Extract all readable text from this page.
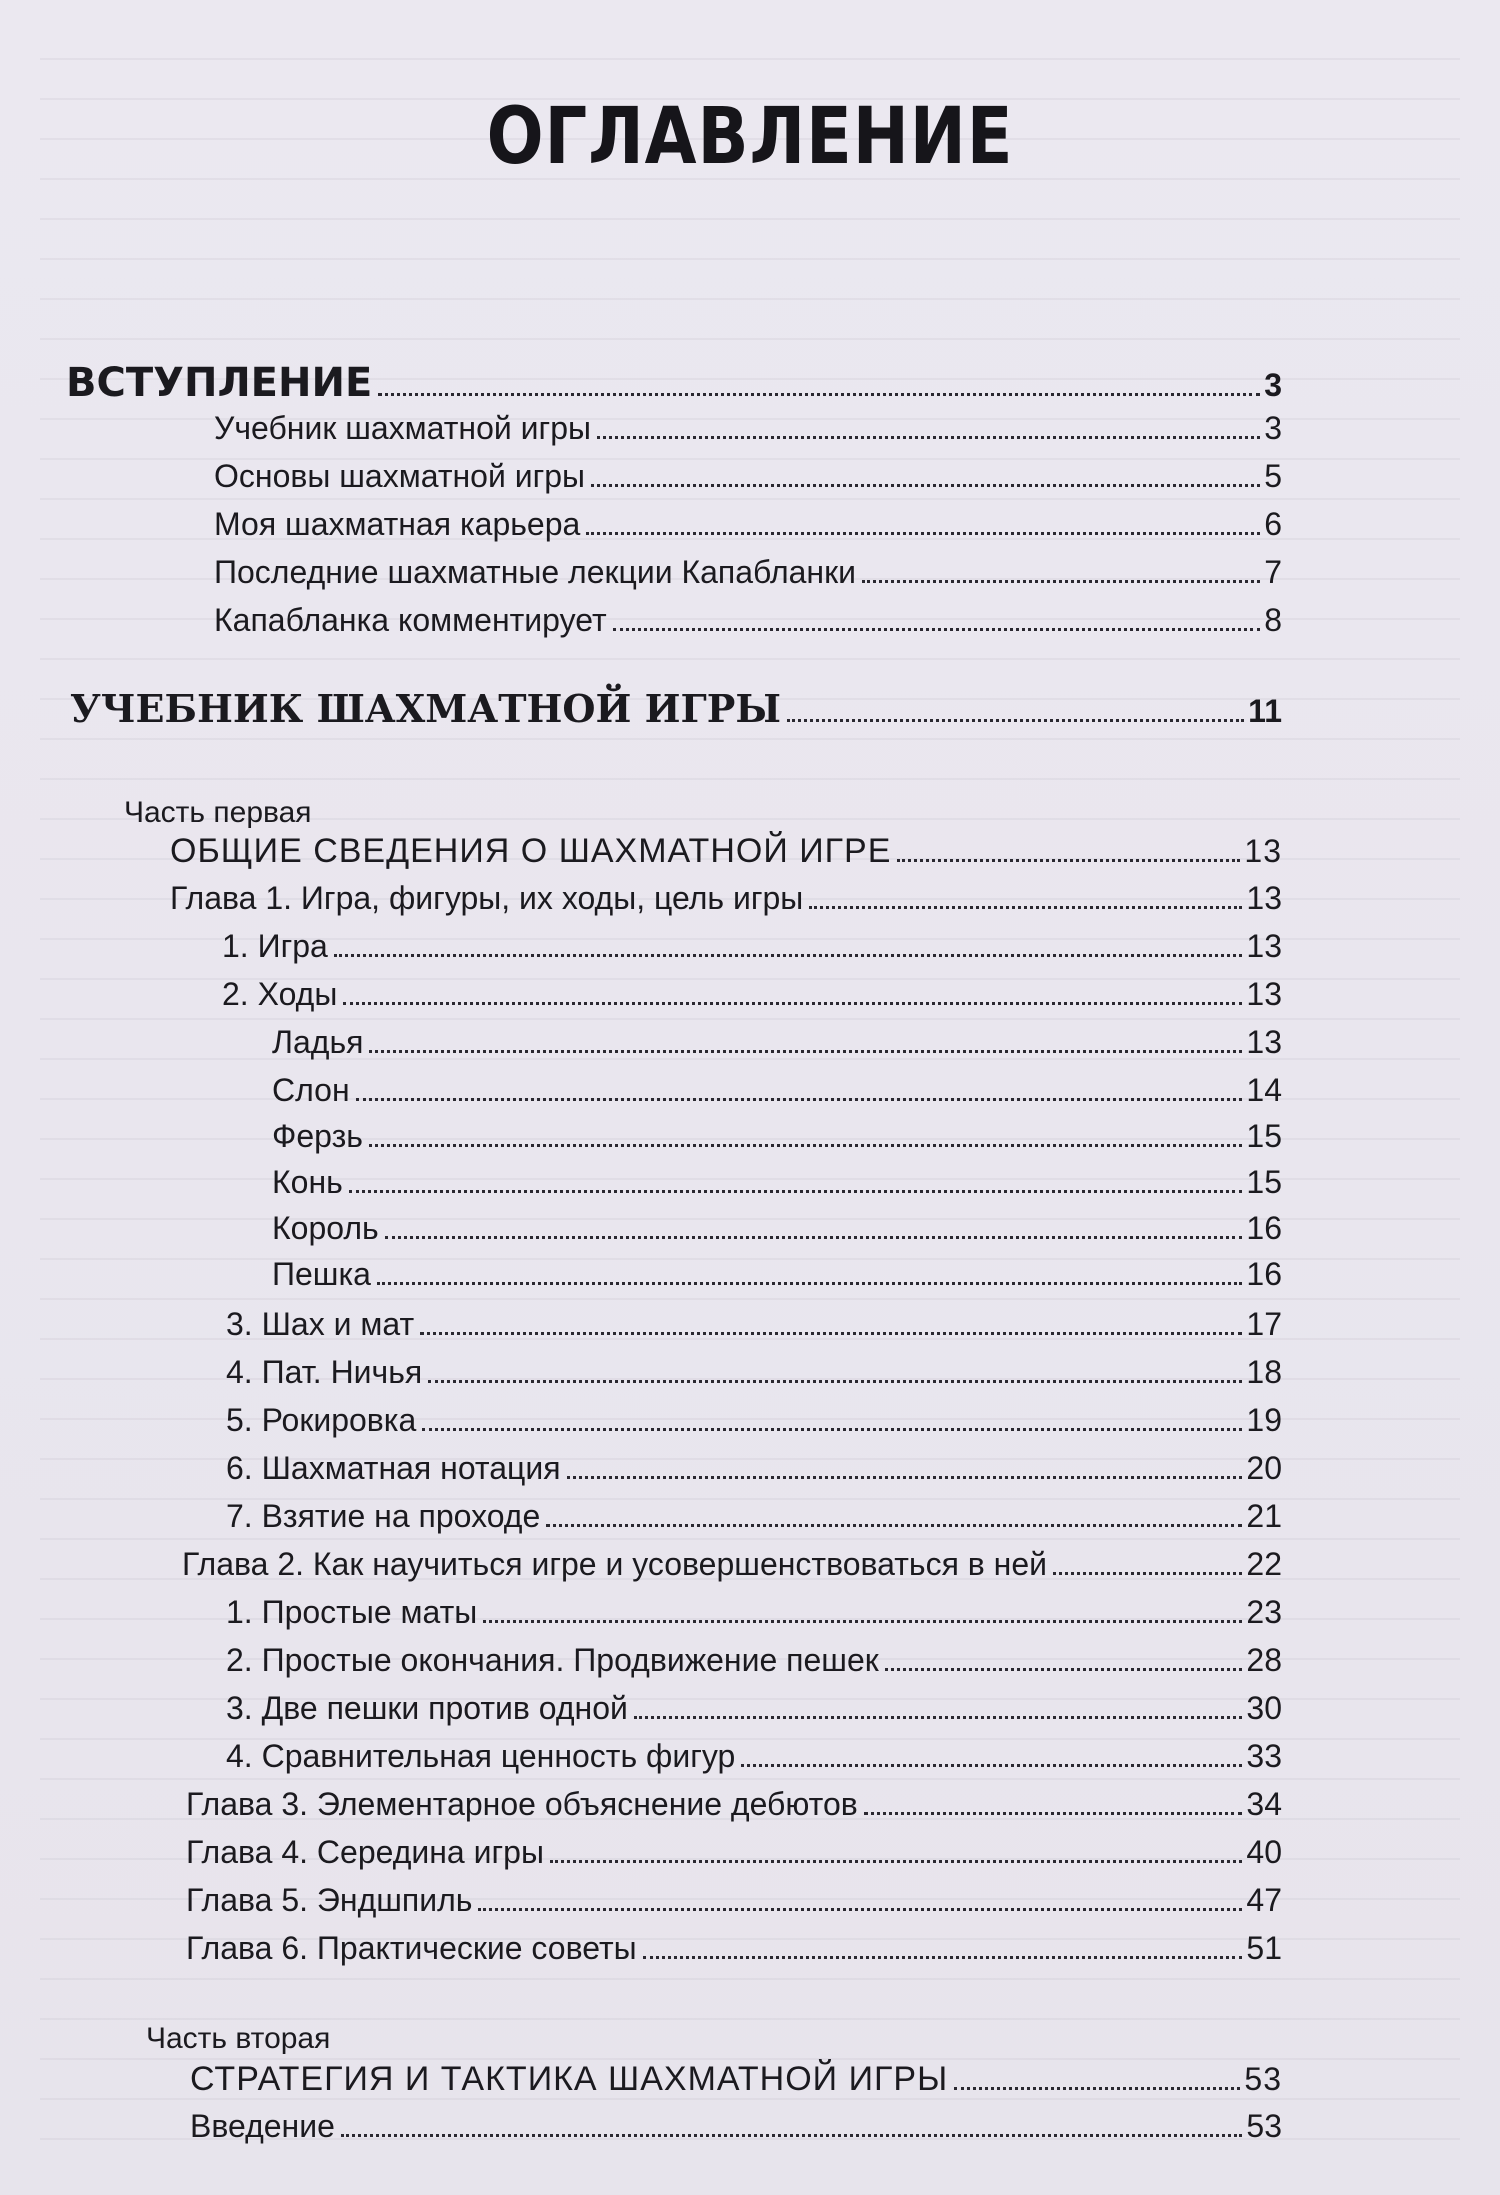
ОГЛАВЛЕНИЕ
ВСТУПЛЕНИЕ	3
Учебник шахматной игры	3
Основы шахматной игры	5
Моя шахматная карьера	6
Последние шахматные лекции Капабланки	7
Капабланка комментирует	8
УЧЕБНИК ШАХМАТНОЙ ИГРЫ	11
Часть первая
ОБЩИЕ СВЕДЕНИЯ О ШАХМАТНОЙ ИГРЕ	13
Глава 1. Игра, фигуры, их ходы, цель игры	13
1. Игра	13
2. Ходы	13
Ладья	13
Слон	14
Ферзь	15
Конь	15
Король	16
Пешка	16
3. Шах и мат	17
4. Пат. Ничья	18
5. Рокировка	19
6. Шахматная нотация	20
7. Взятие на проходе	21
Глава 2. Как научиться игре и усовершенствоваться в ней	22
1. Простые маты	23
2. Простые окончания. Продвижение пешек	28
3. Две пешки против одной	30
4. Сравнительная ценность фигур	33
Глава 3. Элементарное объяснение дебютов	34
Глава 4. Середина игры	40
Глава 5. Эндшпиль	47
Глава 6. Практические советы	51
Часть вторая
СТРАТЕГИЯ И ТАКТИКА ШАХМАТНОЙ ИГРЫ	53
Введение	53
